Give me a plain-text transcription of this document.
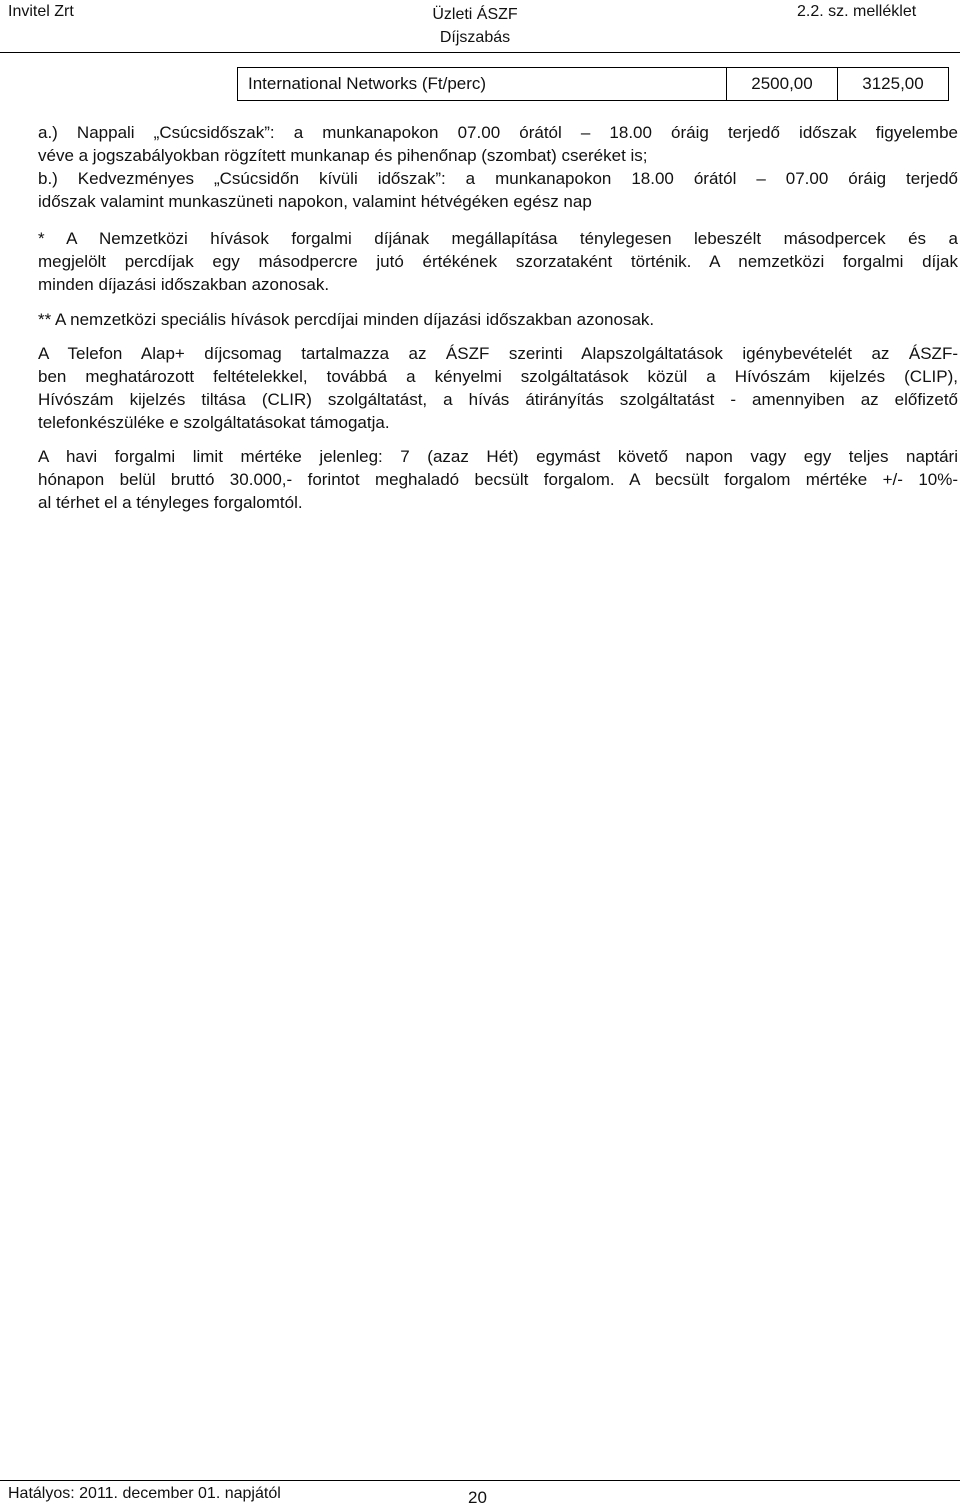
Invitel Zrt	Üzleti ÁSZF
Díjszabás
2.2. sz. melléklet
International Networks (Ft/perc)	2500,00	3125,00
a.) Nappali „Csúcsidőszak”: a munkanapokon 07.00 órától – 18.00 óráig terjedő időszak figyelembe
véve a jogszabályokban rögzített munkanap és pihenőnap (szombat) cseréket is;

b.) Kedvezményes „Csúcsidőn kívüli időszak”: a munkanapokon 18.00 órától – 07.00 óráig terjedő
időszak valamint munkaszüneti napokon, valamint hétvégéken egész nap
* A Nemzetközi hívások forgalmi díjának megállapítása ténylegesen lebeszélt másodpercek és a
megjelölt percdíjak egy másodpercre jutó értékének szorzataként történik. A nemzetközi forgalmi díjak
minden díjazási időszakban azonosak.
** A nemzetközi speciális hívások percdíjai minden díjazási időszakban azonosak.
A Telefon Alap+ díjcsomag tartalmazza az ÁSZF szerinti Alapszolgáltatások igénybevételét az ÁSZF-
ben meghatározott feltételekkel, továbbá a kényelmi szolgáltatások közül a Hívószám kijelzés (CLIP),
Hívószám kijelzés tiltása (CLIR) szolgáltatást, a hívás átirányítás szolgáltatást - amennyiben az előfizető
telefonkészüléke e szolgáltatásokat támogatja.
A havi forgalmi limit mértéke jelenleg: 7 (azaz Hét) egymást követő napon vagy egy teljes naptári
hónapon belül bruttó 30.000,- forintot meghaladó becsült forgalom. A becsült forgalom mértéke +/- 10%-
al térhet el a tényleges forgalomtól.
Hatályos: 2011. december 01. napjától	20
